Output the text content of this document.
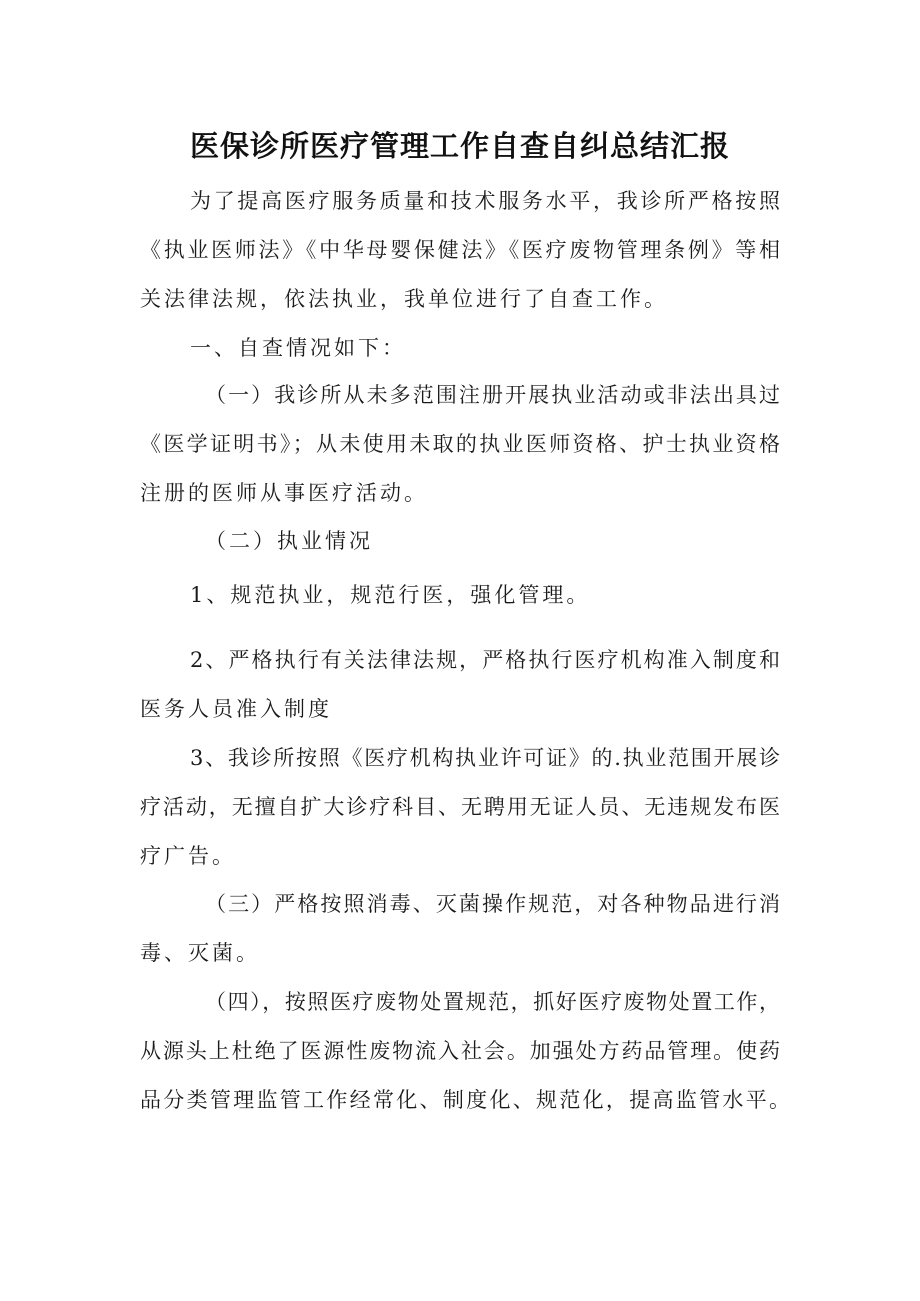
医保诊所医疗管理工作自查自纠总结汇报
为了提高医疗服务质量和技术服务水平，我诊所严格按照
《执业医师法》《中华母婴保健法》《医疗废物管理条例》等相
关法律法规，依法执业，我单位进行了自查工作。
一、自查情况如下：
（一）我诊所从未多范围注册开展执业活动或非法出具过
《医学证明书》；从未使用未取的执业医师资格、护士执业资格
注册的医师从事医疗活动。
（二）执业情况
1、规范执业，规范行医，强化管理。
2、严格执行有关法律法规，严格执行医疗机构准入制度和
医务人员准入制度
3、我诊所按照《医疗机构执业许可证》的.执业范围开展诊
疗活动，无擅自扩大诊疗科目、无聘用无证人员、无违规发布医
疗广告。
（三）严格按照消毒、灭菌操作规范，对各种物品进行消
毒、灭菌。
（四），按照医疗废物处置规范，抓好医疗废物处置工作，
从源头上杜绝了医源性废物流入社会。加强处方药品管理。使药
品分类管理监管工作经常化、制度化、规范化，提高监管水平。
